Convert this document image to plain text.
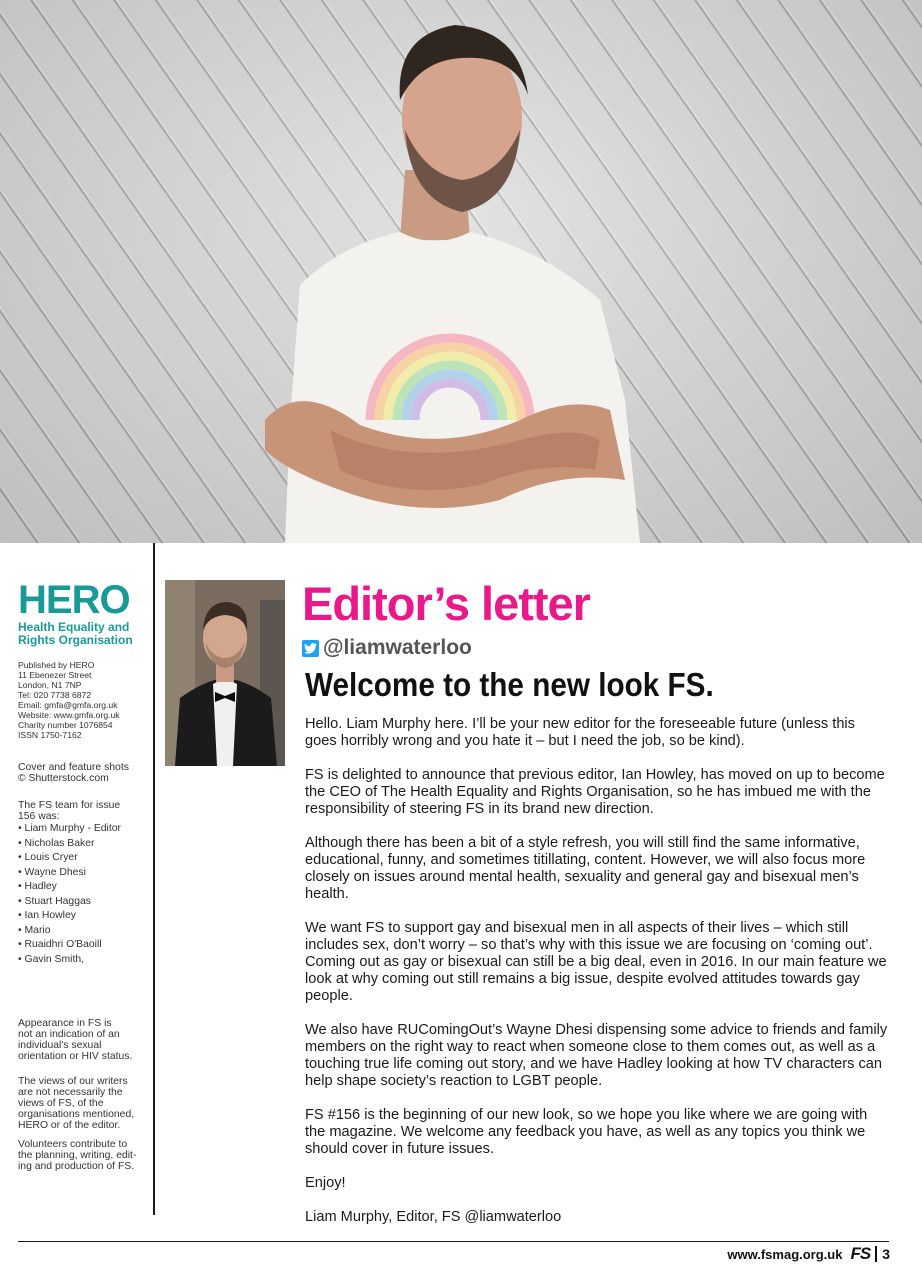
HERO
Health Equality and
Rights Organisation
Published by HERO
11 Ebenezer Street
London, N1 7NP
Tel: 020 7738 6872
Email: gmfa@gmfa.org.uk
Website: www.gmfa.org.uk
Charity number 1076854
ISSN 1750-7162
Cover and feature shots
© Shutterstock.com
The FS team for issue
156 was:
• Liam Murphy - Editor
• Nicholas Baker
• Louis Cryer
• Wayne Dhesi
• Hadley
• Stuart Haggas
• Ian Howley
• Mario
• Ruaidhri O'Baoill
• Gavin Smith,
Appearance in FS is
not an indication of an
individual's sexual
orientation or HIV status.
The views of our writers
are not necessarily the
views of FS, of the
organisations mentioned,
HERO or of the editor.
Volunteers contribute to
the planning, writing, edit-
ing and production of FS.
Editor’s letter
@liamwaterloo
Welcome to the new look FS.

Hello. Liam Murphy here. I’ll be your new editor for the foreseeable future (unless this goes horribly wrong and you hate it – but I need the job, so be kind).

FS is delighted to announce that previous editor, Ian Howley, has moved on up to become the CEO of The Health Equality and Rights Organisation, so he has imbued me with the responsibility of steering FS in its brand new direction.

Although there has been a bit of a style refresh, you will still find the same informative, educational, funny, and sometimes titillating, content. However, we will also focus more closely on issues around mental health, sexuality and general gay and bisexual men’s health.

We want FS to support gay and bisexual men in all aspects of their lives – which still includes sex, don’t worry – so that’s why with this issue we are focusing on ‘coming out’. Coming out as gay or bisexual can still be a big deal, even in 2016. In our main feature we look at why coming out still remains a big issue, despite evolved attitudes towards gay people.

We also have RUComingOut’s Wayne Dhesi dispensing some advice to friends and family members on the right way to react when someone close to them comes out, as well as a touching true life coming out story, and we have Hadley looking at how TV characters can help shape society’s reaction to LGBT people.

FS #156 is the beginning of our new look, so we hope you like where we are going with the magazine. We welcome any feedback you have, as well as any topics you think we should cover in future issues.

Enjoy!

Liam Murphy, Editor, FS @liamwaterloo

www.fsmag.org.uk FS 3
